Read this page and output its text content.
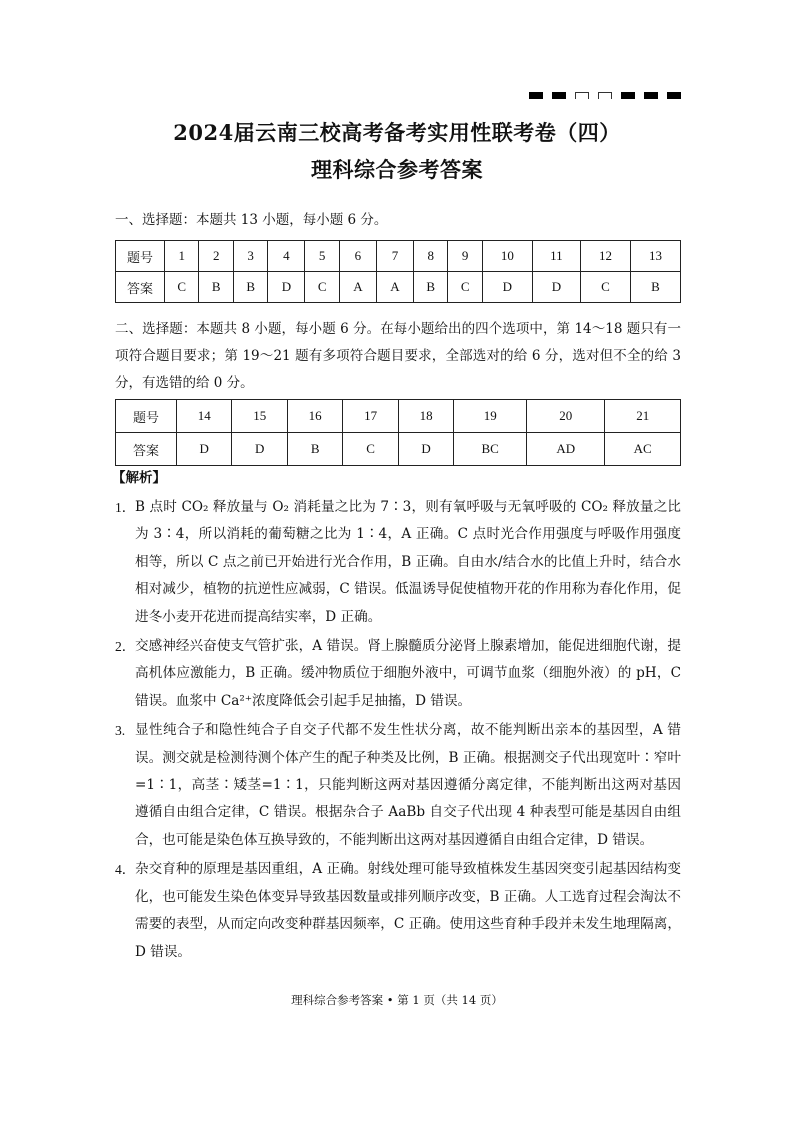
2024届云南三校高考备考实用性联考卷（四）
理科综合参考答案
一、选择题：本题共 13 小题，每小题 6 分。
题号	1	2	3	4	5	6	7	8	9	10	11	12	13
答案	C	B	B	D	C	A	A	B	C	D	D	C	B
二、选择题：本题共 8 小题，每小题 6 分。在每小题给出的四个选项中，第 14～18 题只有一项符合题目要求；第 19～21 题有多项符合题目要求，全部选对的给 6 分，选对但不全的给 3 分，有选错的给 0 分。
题号	14	15	16	17	18	19	20	21
答案	D	D	B	C	D	BC	AD	AC
【解析】
1． B 点时 CO₂ 释放量与 O₂ 消耗量之比为 7∶3，则有氧呼吸与无氧呼吸的 CO₂ 释放量之比为 3∶4，所以消耗的葡萄糖之比为 1∶4，A 正确。C 点时光合作用强度与呼吸作用强度相等，所以 C 点之前已开始进行光合作用，B 正确。自由水/结合水的比值上升时，结合水相对减少，植物的抗逆性应减弱，C 错误。低温诱导促使植物开花的作用称为春化作用，促进冬小麦开花进而提高结实率，D 正确。
2． 交感神经兴奋使支气管扩张，A 错误。肾上腺髓质分泌肾上腺素增加，能促进细胞代谢，提高机体应激能力，B 正确。缓冲物质位于细胞外液中，可调节血浆（细胞外液）的 pH，C 错误。血浆中 Ca²⁺浓度降低会引起手足抽搐，D 错误。
3. 显性纯合子和隐性纯合子自交子代都不发生性状分离，故不能判断出亲本的基因型，A 错误。测交就是检测待测个体产生的配子种类及比例，B 正确。根据测交子代出现宽叶∶窄叶=1∶1，高茎∶矮茎=1∶1，只能判断这两对基因遵循分离定律，不能判断出这两对基因遵循自由组合定律，C 错误。根据杂合子 AaBb 自交子代出现 4 种表型可能是基因自由组合，也可能是染色体互换导致的，不能判断出这两对基因遵循自由组合定律，D 错误。
4． 杂交育种的原理是基因重组，A 正确。射线处理可能导致植株发生基因突变引起基因结构变化，也可能发生染色体变异导致基因数量或排列顺序改变，B 正确。人工选育过程会淘汰不需要的表型，从而定向改变种群基因频率，C 正确。使用这些育种手段并未发生地理隔离，D 错误。
理科综合参考答案 • 第 1 页（共 14 页）
